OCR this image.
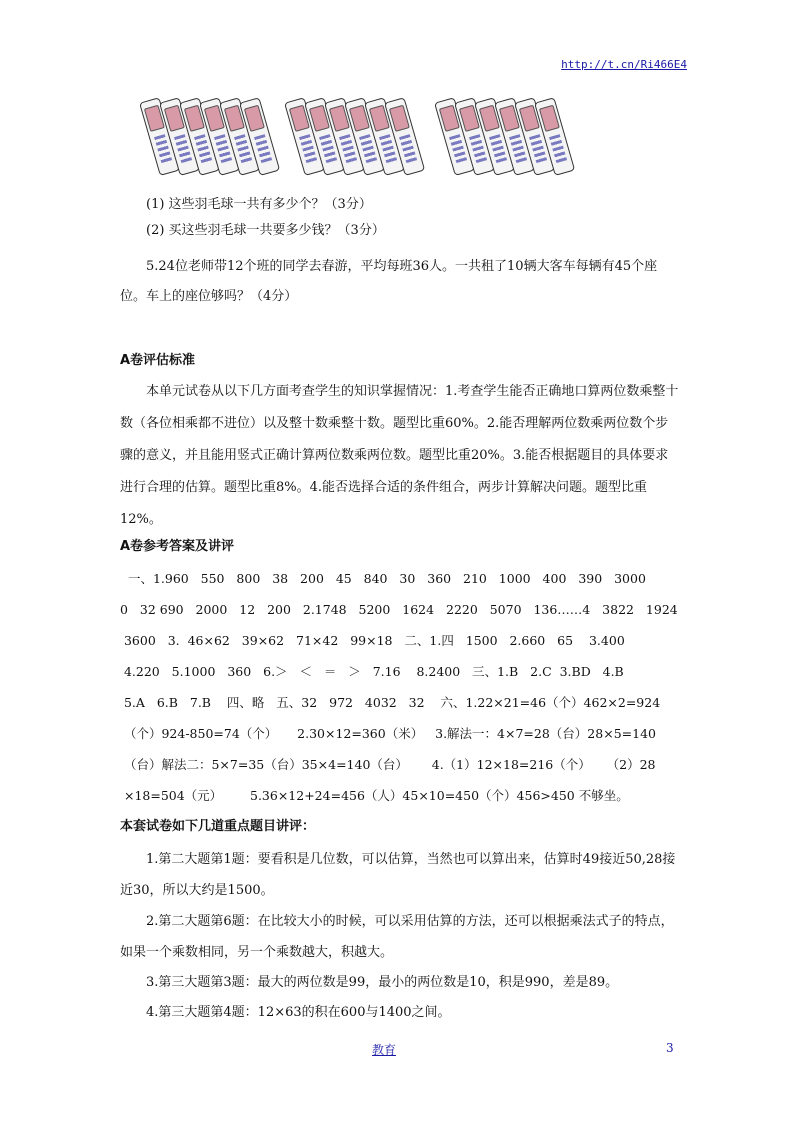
http://t.cn/Ri466E4
(1) 这些羽毛球一共有多少个？（3分）
(2) 买这些羽毛球一共要多少钱？（3分）
5.24位老师带12个班的同学去春游，平均每班36人。一共租了10辆大客车每辆有45个座位。车上的座位够吗？（4分）
A卷评估标准
本单元试卷从以下几方面考查学生的知识掌握情况：1.考查学生能否正确地口算两位数乘整十数（各位相乘都不进位）以及整十数乘整十数。题型比重60%。2.能否理解两位数乘两位数个步骤的意义，并且能用竖式正确计算两位数乘两位数。题型比重20%。3.能否根据题目的具体要求进行合理的估算。题型比重8%。4.能否选择合适的条件组合，两步计算解决问题。题型比重12%。
A卷参考答案及讲评
一、1.960   550   800   38   200   45   840   30   360   210   1000   400   390   3000
0   32 690   2000   12   200   2.1748   5200   1624   2220   5070   136……4   3822   1924
3600   3.  46×62   39×62   71×42   99×18   二、1.四   1500   2.660   65    3.400
4.220   5.1000   360   6.＞   ＜   ＝   ＞   7.16    8.2400   三、1.B   2.C  3.BD   4.B
5.A   6.B   7.B    四、略   五、32   972   4032   32    六、1.22×21=46（个）462×2=924
（个）924-850=74（个）     2.30×12=360（米）   3.解法一：4×7=28（台）28×5=140
（台）解法二：5×7=35（台）35×4=140（台）      4.（1）12×18=216（个）    （2）28
×18=504（元）       5.36×12+24=456（人）45×10=450（个）456>450 不够坐。
本套试卷如下几道重点题目讲评：
1.第二大题第1题：要看积是几位数，可以估算，当然也可以算出来，估算时49接近50,28接近30，所以大约是1500。
2.第二大题第6题：在比较大小的时候，可以采用估算的方法，还可以根据乘法式子的特点，如果一个乘数相同，另一个乘数越大，积越大。
3.第三大题第3题：最大的两位数是99，最小的两位数是10，积是990，差是89。
4.第三大题第4题：12×63的积在600与1400之间。
教育	3
